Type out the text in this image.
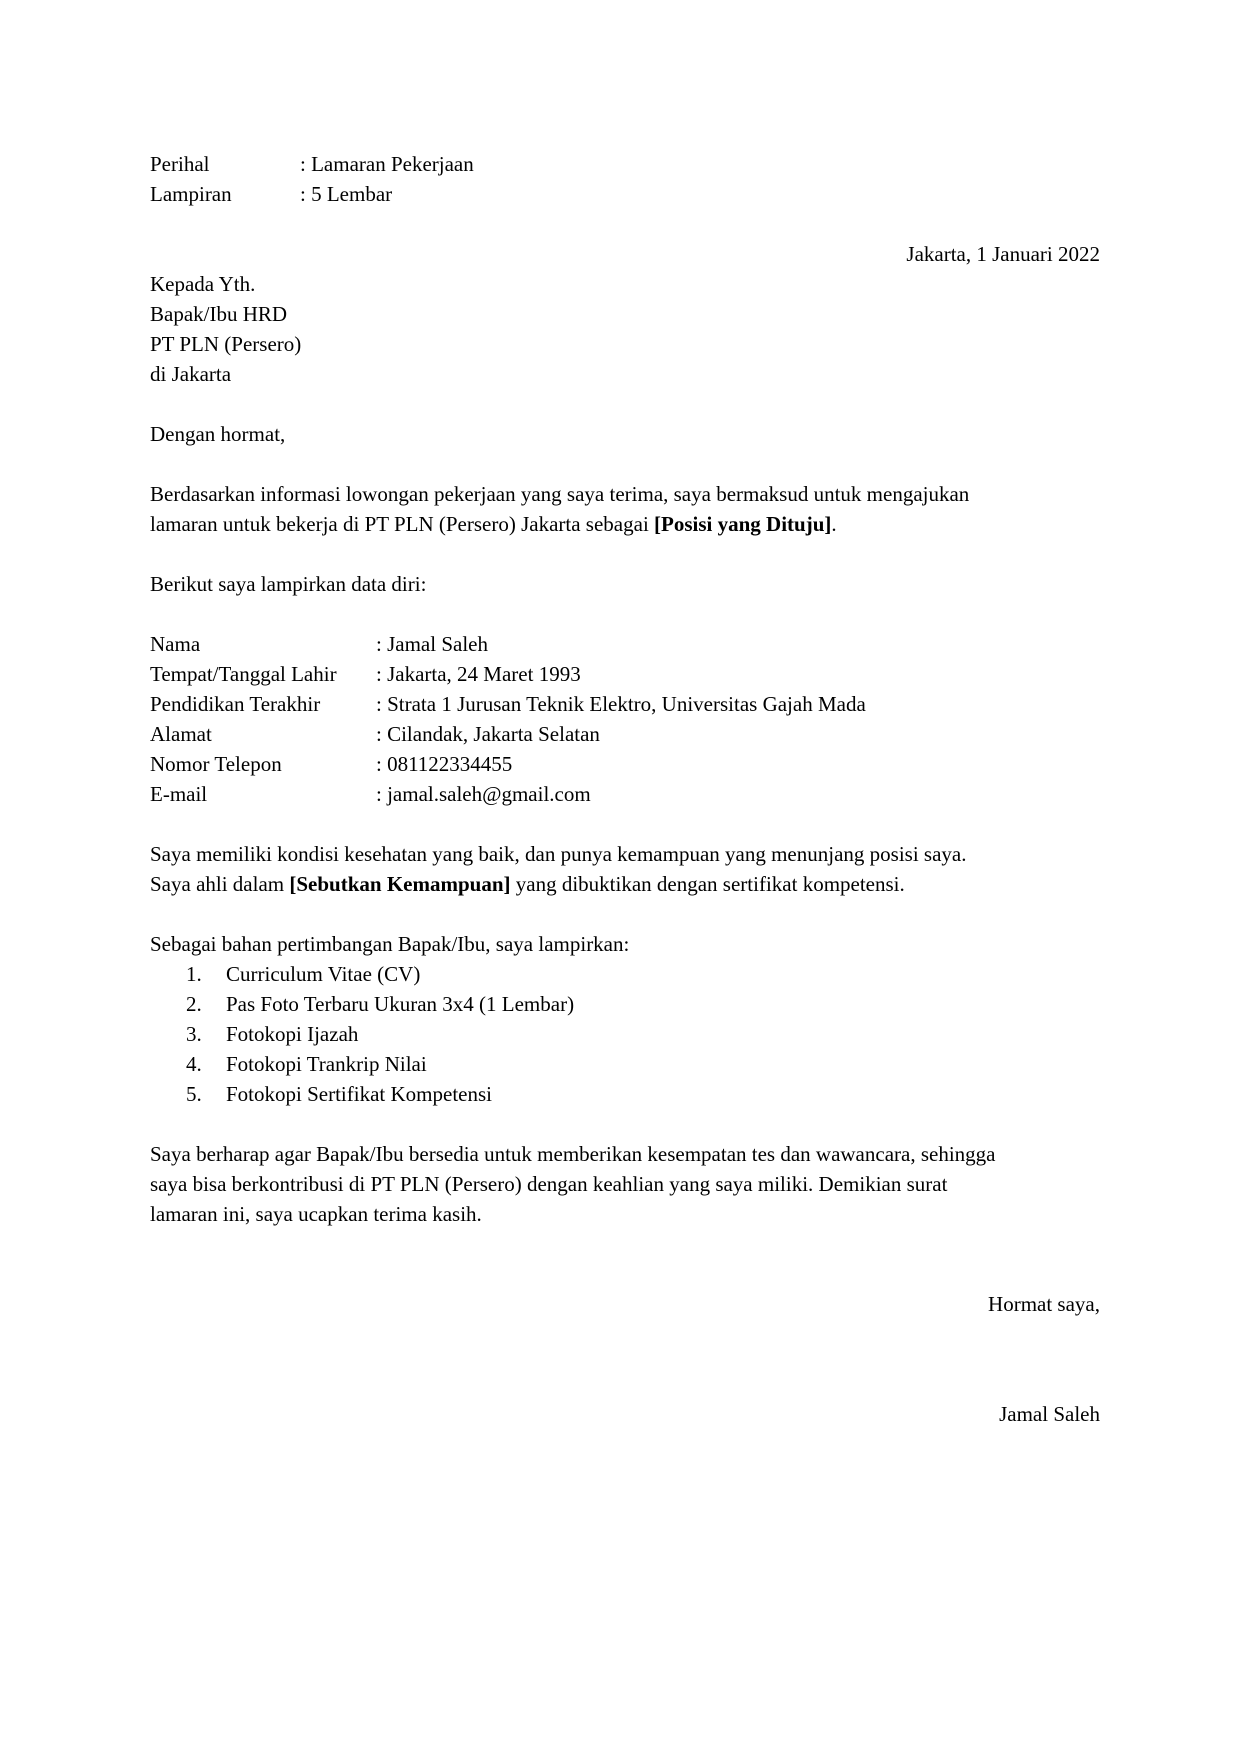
Perihal	: Lamaran Pekerjaan
Lampiran	: 5 Lembar
Jakarta, 1 Januari 2022
Kepada Yth.
Bapak/Ibu HRD
PT PLN (Persero)
di Jakarta
Dengan hormat,
Berdasarkan informasi lowongan pekerjaan yang saya terima, saya bermaksud untuk mengajukan
lamaran untuk bekerja di PT PLN (Persero) Jakarta sebagai [Posisi yang Dituju].
Berikut saya lampirkan data diri:
Nama	: Jamal Saleh
Tempat/Tanggal Lahir : Jakarta, 24 Maret 1993
Pendidikan Terakhir	: Strata 1 Jurusan Teknik Elektro, Universitas Gajah Mada
Alamat	: Cilandak, Jakarta Selatan
Nomor Telepon	: 081122334455
E-mail	: jamal.saleh@gmail.com
Saya memiliki kondisi kesehatan yang baik, dan punya kemampuan yang menunjang posisi saya.
Saya ahli dalam [Sebutkan Kemampuan] yang dibuktikan dengan sertifikat kompetensi.
Sebagai bahan pertimbangan Bapak/Ibu, saya lampirkan:
1.	Curriculum Vitae (CV)
2.	Pas Foto Terbaru Ukuran 3x4 (1 Lembar)
3.	Fotokopi Ijazah
4.	Fotokopi Trankrip Nilai
5.	Fotokopi Sertifikat Kompetensi
Saya berharap agar Bapak/Ibu bersedia untuk memberikan kesempatan tes dan wawancara, sehingga
saya bisa berkontribusi di PT PLN (Persero) dengan keahlian yang saya miliki. Demikian surat
lamaran ini, saya ucapkan terima kasih.
Hormat saya,
Jamal Saleh
